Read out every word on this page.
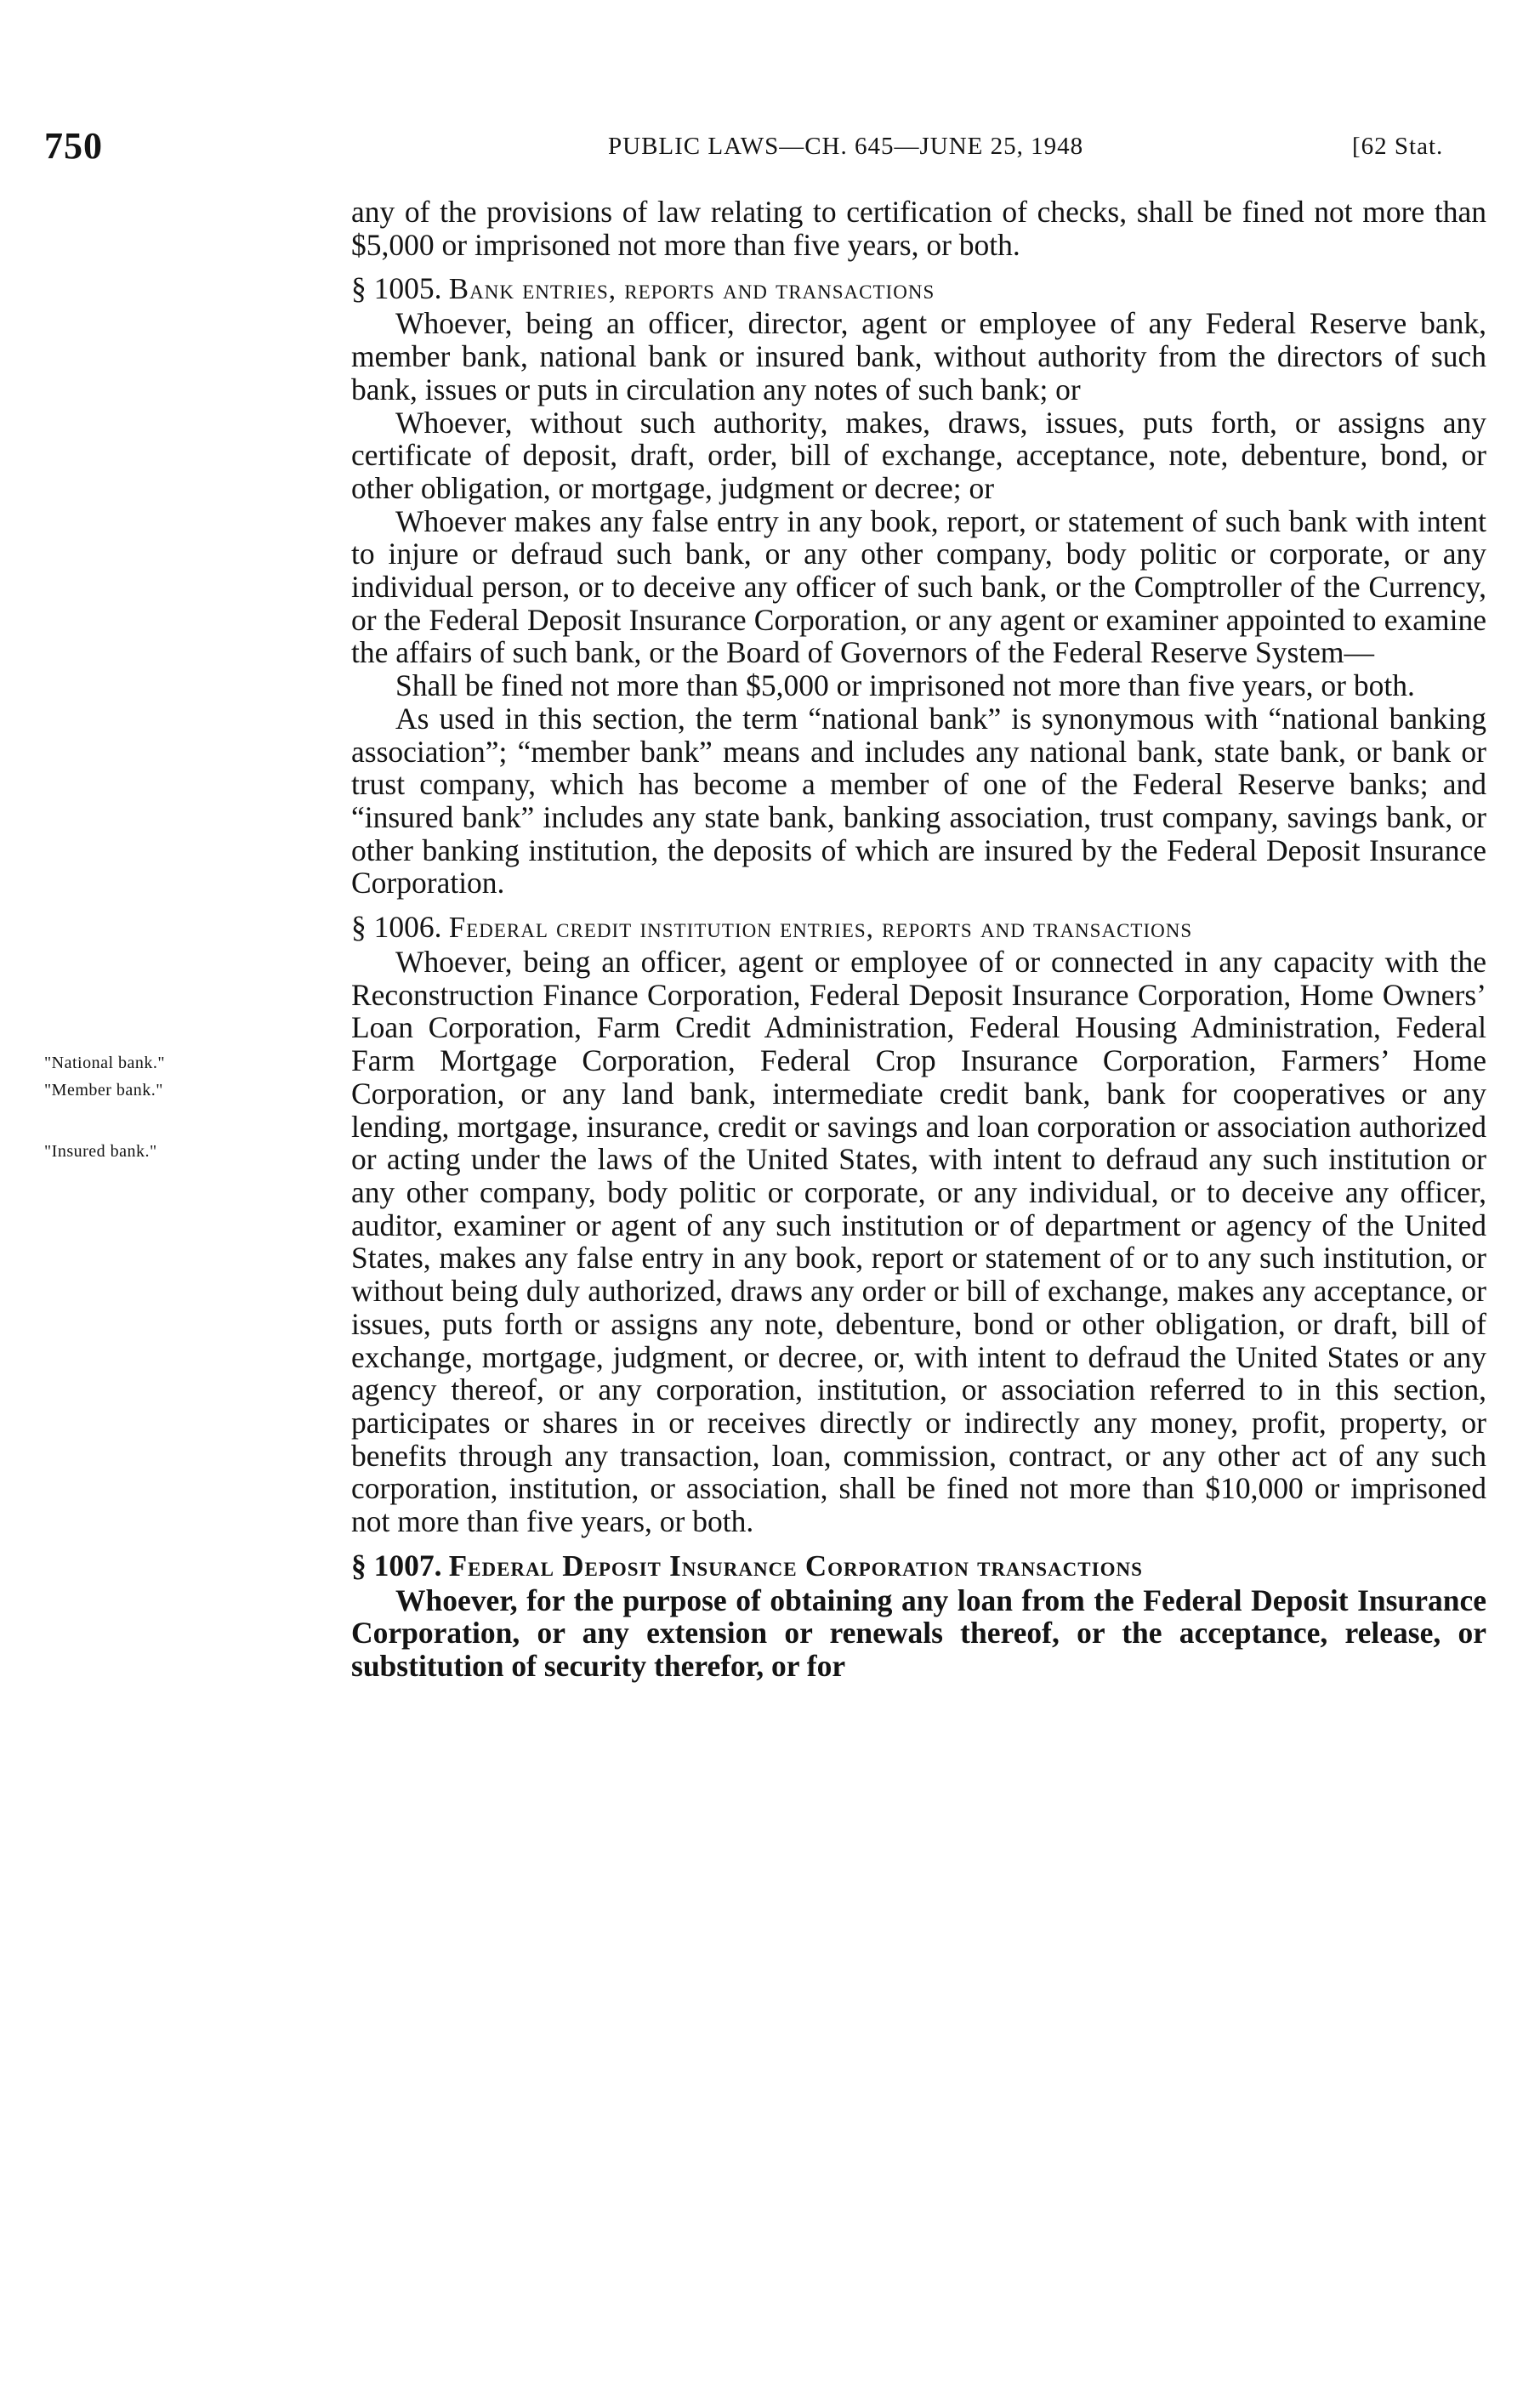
750	PUBLIC LAWS—CH. 645—JUNE 25, 1948	[62 Stat.
"National bank."
"Member bank."
"Insured bank."

any of the provisions of law relating to certification of checks, shall be fined not more than $5,000 or imprisoned not more than five years, or both.

§ 1005. Bank entries, reports and transactions

Whoever, being an officer, director, agent or employee of any Federal Reserve bank, member bank, national bank or insured bank, without authority from the directors of such bank, issues or puts in circulation any notes of such bank; or

Whoever, without such authority, makes, draws, issues, puts forth, or assigns any certificate of deposit, draft, order, bill of exchange, acceptance, note, debenture, bond, or other obligation, or mortgage, judgment or decree; or

Whoever makes any false entry in any book, report, or statement of such bank with intent to injure or defraud such bank, or any other company, body politic or corporate, or any individual person, or to deceive any officer of such bank, or the Comptroller of the Currency, or the Federal Deposit Insurance Corporation, or any agent or examiner appointed to examine the affairs of such bank, or the Board of Governors of the Federal Reserve System—

Shall be fined not more than $5,000 or imprisoned not more than five years, or both.

As used in this section, the term “national bank” is synonymous with “national banking association”; “member bank” means and includes any national bank, state bank, or bank or trust company, which has become a member of one of the Federal Reserve banks; and “insured bank” includes any state bank, banking association, trust company, savings bank, or other banking institution, the deposits of which are insured by the Federal Deposit Insurance Corporation.

§ 1006. Federal credit institution entries, reports and transactions

Whoever, being an officer, agent or employee of or connected in any capacity with the Reconstruction Finance Corporation, Federal Deposit Insurance Corporation, Home Owners’ Loan Corporation, Farm Credit Administration, Federal Housing Administration, Federal Farm Mortgage Corporation, Federal Crop Insurance Corporation, Farmers’ Home Corporation, or any land bank, intermediate credit bank, bank for cooperatives or any lending, mortgage, insurance, credit or savings and loan corporation or association authorized or acting under the laws of the United States, with intent to defraud any such institution or any other company, body politic or corporate, or any individual, or to deceive any officer, auditor, examiner or agent of any such institution or of department or agency of the United States, makes any false entry in any book, report or statement of or to any such institution, or without being duly authorized, draws any order or bill of exchange, makes any acceptance, or issues, puts forth or assigns any note, debenture, bond or other obligation, or draft, bill of exchange, mortgage, judgment, or decree, or, with intent to defraud the United States or any agency thereof, or any corporation, institution, or association referred to in this section, participates or shares in or receives directly or indirectly any money, profit, property, or benefits through any transaction, loan, commission, contract, or any other act of any such corporation, institution, or association, shall be fined not more than $10,000 or imprisoned not more than five years, or both.

§ 1007. Federal Deposit Insurance Corporation transactions

Whoever, for the purpose of obtaining any loan from the Federal Deposit Insurance Corporation, or any extension or renewals thereof, or the acceptance, release, or substitution of security therefor, or for
